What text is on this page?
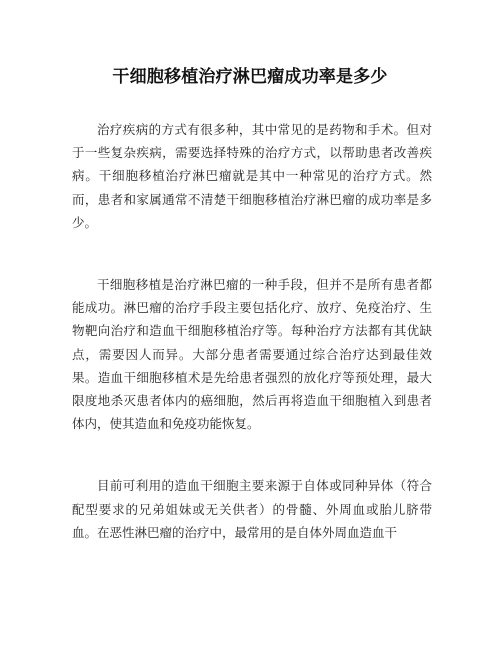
干细胞移植治疗淋巴瘤成功率是多少

治疗疾病的方式有很多种，其中常见的是药物和手术。但对于一些复杂疾病，需要选择特殊的治疗方式，以帮助患者改善疾病。干细胞移植治疗淋巴瘤就是其中一种常见的治疗方式。然而，患者和家属通常不清楚干细胞移植治疗淋巴瘤的成功率是多少。

干细胞移植是治疗淋巴瘤的一种手段，但并不是所有患者都能成功。淋巴瘤的治疗手段主要包括化疗、放疗、免疫治疗、生物靶向治疗和造血干细胞移植治疗等。每种治疗方法都有其优缺点，需要因人而异。大部分患者需要通过综合治疗达到最佳效果。造血干细胞移植术是先给患者强烈的放化疗等预处理，最大限度地杀灭患者体内的癌细胞，然后再将造血干细胞植入到患者体内，使其造血和免疫功能恢复。

目前可利用的造血干细胞主要来源于自体或同种异体（符合配型要求的兄弟姐妹或无关供者）的骨髓、外周血或胎儿脐带血。在恶性淋巴瘤的治疗中，最常用的是自体外周血造血干
